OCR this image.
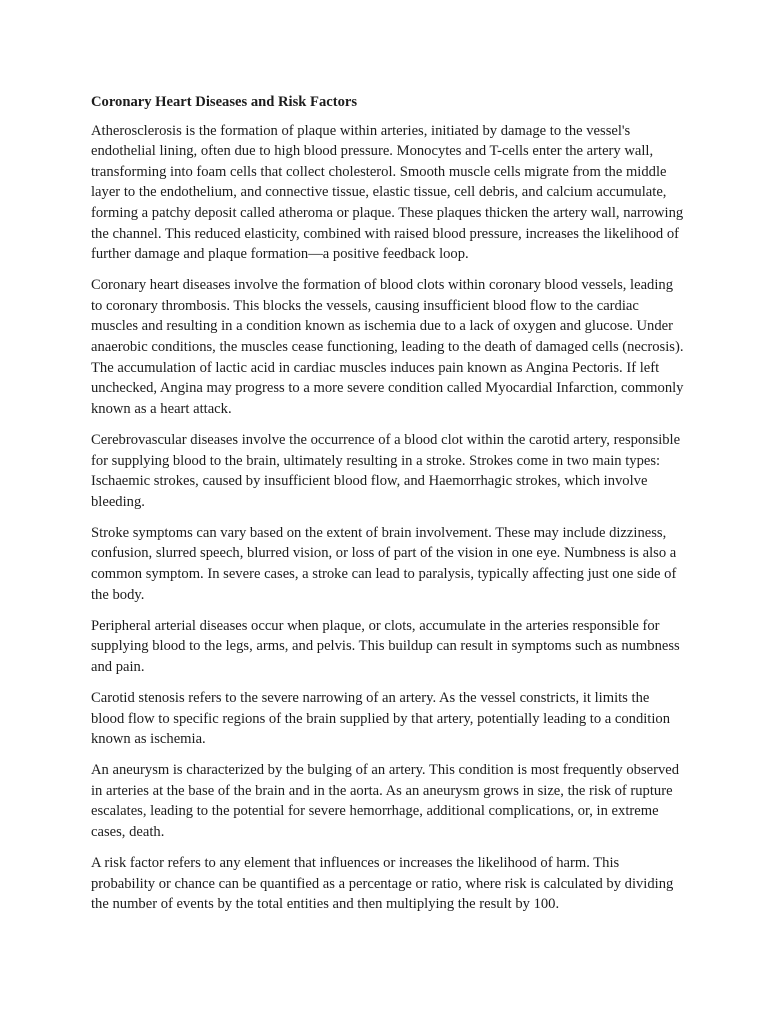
Coronary Heart Diseases and Risk Factors

Atherosclerosis is the formation of plaque within arteries, initiated by damage to the vessel's endothelial lining, often due to high blood pressure. Monocytes and T-cells enter the artery wall, transforming into foam cells that collect cholesterol. Smooth muscle cells migrate from the middle layer to the endothelium, and connective tissue, elastic tissue, cell debris, and calcium accumulate, forming a patchy deposit called atheroma or plaque. These plaques thicken the artery wall, narrowing the channel. This reduced elasticity, combined with raised blood pressure, increases the likelihood of further damage and plaque formation—a positive feedback loop.

Coronary heart diseases involve the formation of blood clots within coronary blood vessels, leading to coronary thrombosis. This blocks the vessels, causing insufficient blood flow to the cardiac muscles and resulting in a condition known as ischemia due to a lack of oxygen and glucose. Under anaerobic conditions, the muscles cease functioning, leading to the death of damaged cells (necrosis). The accumulation of lactic acid in cardiac muscles induces pain known as Angina Pectoris. If left unchecked, Angina may progress to a more severe condition called Myocardial Infarction, commonly known as a heart attack.

Cerebrovascular diseases involve the occurrence of a blood clot within the carotid artery, responsible for supplying blood to the brain, ultimately resulting in a stroke. Strokes come in two main types: Ischaemic strokes, caused by insufficient blood flow, and Haemorrhagic strokes, which involve bleeding.

Stroke symptoms can vary based on the extent of brain involvement. These may include dizziness, confusion, slurred speech, blurred vision, or loss of part of the vision in one eye. Numbness is also a common symptom. In severe cases, a stroke can lead to paralysis, typically affecting just one side of the body.

Peripheral arterial diseases occur when plaque, or clots, accumulate in the arteries responsible for supplying blood to the legs, arms, and pelvis. This buildup can result in symptoms such as numbness and pain.

Carotid stenosis refers to the severe narrowing of an artery. As the vessel constricts, it limits the blood flow to specific regions of the brain supplied by that artery, potentially leading to a condition known as ischemia.

An aneurysm is characterized by the bulging of an artery. This condition is most frequently observed in arteries at the base of the brain and in the aorta. As an aneurysm grows in size, the risk of rupture escalates, leading to the potential for severe hemorrhage, additional complications, or, in extreme cases, death.

A risk factor refers to any element that influences or increases the likelihood of harm. This probability or chance can be quantified as a percentage or ratio, where risk is calculated by dividing the number of events by the total entities and then multiplying the result by 100.
